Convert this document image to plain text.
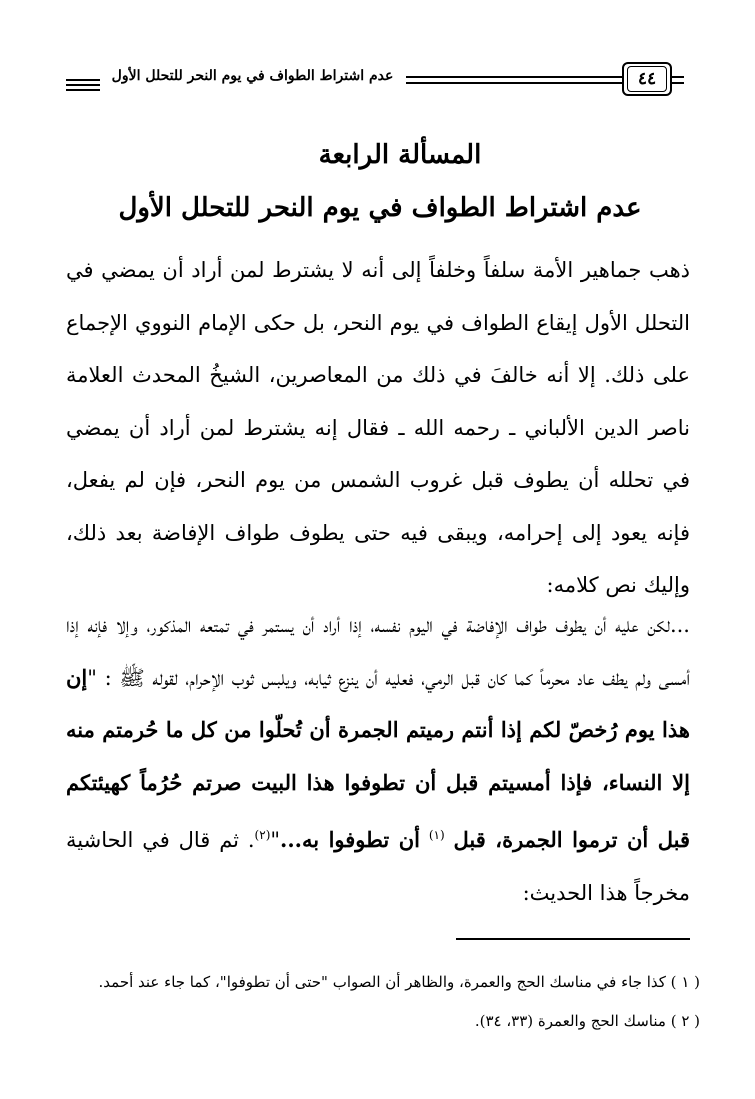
عدم اشتراط الطواف في يوم النحر للتحلل الأول	٤٤
المسألة الرابعة
عدم اشتراط الطواف في يوم النحر للتحلل الأول
ذهب جماهير الأمة سلفاً وخلفاً إلى أنه لا يشترط لمن أراد أن يمضي في التحلل الأول إيقاع الطواف في يوم النحر، بل حكى الإمام النووي الإجماع على ذلك. إلا أنه خالفَ في ذلك من المعاصرين، الشيخُ المحدث العلامة ناصر الدين الألباني ـ رحمه الله ـ فقال إنه يشترط لمن أراد أن يمضي في تحلله أن يطوف قبل غروب الشمس من يوم النحر، فإن لم يفعل، فإنه يعود إلى إحرامه، ويبقى فيه حتى يطوف طواف الإفاضة بعد ذلك، وإليك نص كلامه:
...لكن عليه أن يطوف طواف الإفاضة في اليوم نفسه، إذا أراد أن يستمر في تمتعه المذكور، وإلا فإنه إذا أمسى ولم يطف عاد محرماً كما كان قبل الرمي، فعليه أن ينزع ثيابه، ويلبس ثوب الإحرام، لقوله ﷺ : "إن هذا يوم رُخصّ لكم إذا أنتم رميتم الجمرة أن تُحلّوا من كل ما حُرمتم منه إلا النساء، فإذا أمسيتم قبل أن تطوفوا هذا البيت صرتم حُرُماً كهيئتكم قبل أن ترموا الجمرة، قبل $^{(١)}$ أن تطوفوا به..."$^{(٢)}$. ثم قال في الحاشية مخرجاً هذا الحديث:
( ١ ) كذا جاء في مناسك الحج والعمرة، والظاهر أن الصواب "حتى أن تطوفوا"، كما جاء عند أحمد.
( ٢ ) مناسك الحج والعمرة (٣٣، ٣٤).
